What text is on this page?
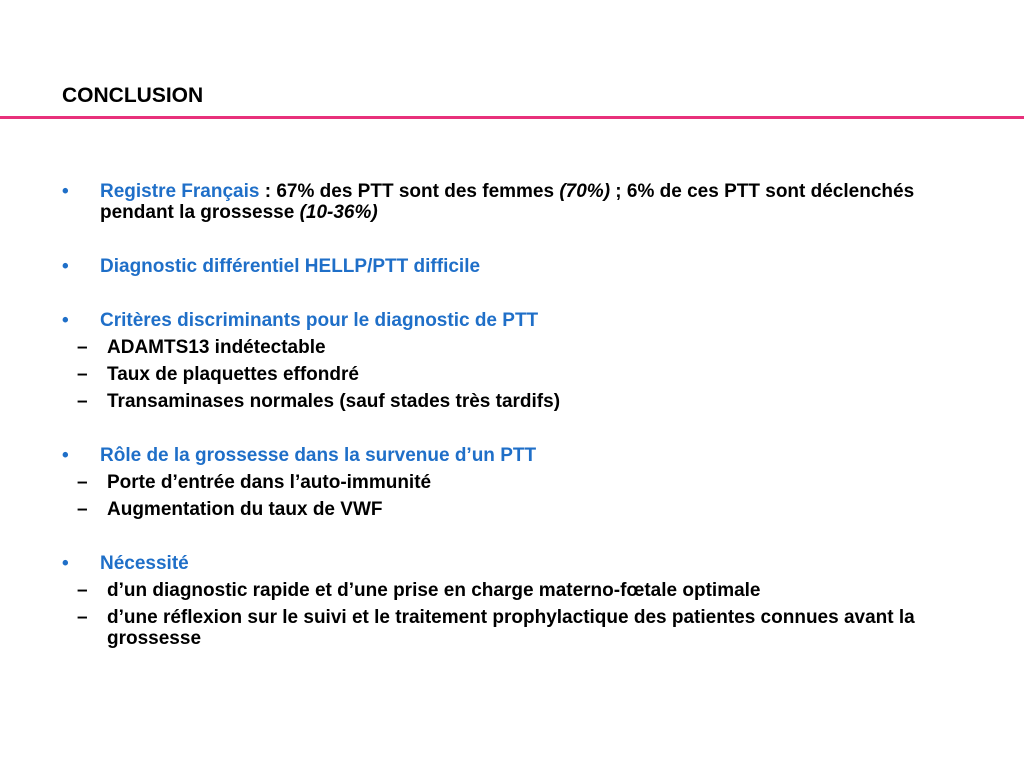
CONCLUSION
•	Registre Français : 67% des PTT sont des femmes (70%) ; 6% de ces PTT sont déclenchés pendant la grossesse (10-36%)
•	Diagnostic différentiel HELLP/PTT difficile
•	Critères discriminants pour le diagnostic de PTT
– ADAMTS13 indétectable
– Taux de plaquettes effondré
– Transaminases normales (sauf stades très tardifs)
•	Rôle de la grossesse dans la survenue d’un PTT
– Porte d’entrée dans l’auto-immunité
– Augmentation du taux de VWF
•	Nécessité
– d’un diagnostic rapide et d’une prise en charge materno-fœtale optimale
– d’une réflexion sur le suivi et le traitement prophylactique des patientes connues avant la grossesse
